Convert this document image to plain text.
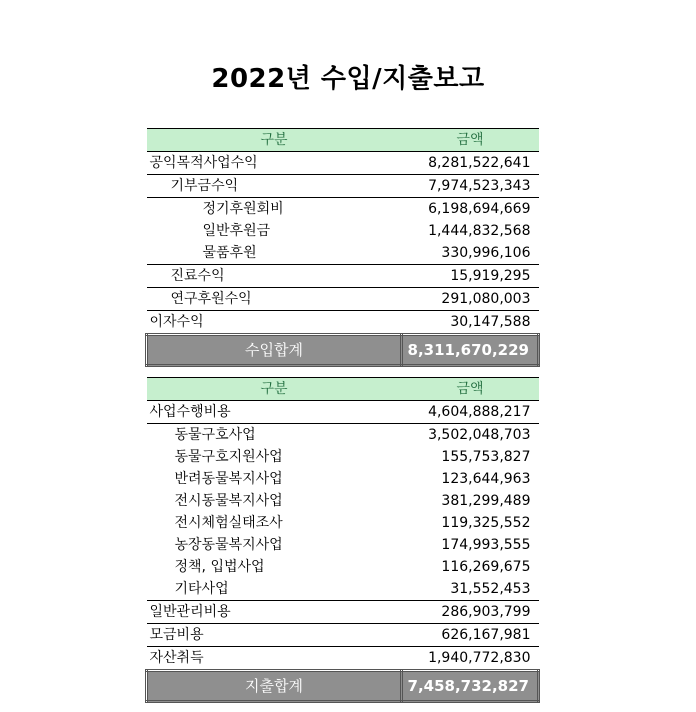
2022년 수입/지출보고
구분	금액
공익목적사업수익	8,281,522,641
기부금수익	7,974,523,343
정기후원회비	6,198,694,669
일반후원금	1,444,832,568
물품후원	330,996,106
진료수익	15,919,295
연구후원수익	291,080,003
이자수익	30,147,588
수입합계	8,311,670,229
구분	금액
사업수행비용	4,604,888,217
동물구호사업	3,502,048,703
동물구호지원사업	155,753,827
반려동물복지사업	123,644,963
전시동물복지사업	381,299,489
전시체험실태조사	119,325,552
농장동물복지사업	174,993,555
정책, 입법사업	116,269,675
기타사업	31,552,453
일반관리비용	286,903,799
모금비용	626,167,981
자산취득	1,940,772,830
지출합계	7,458,732,827
